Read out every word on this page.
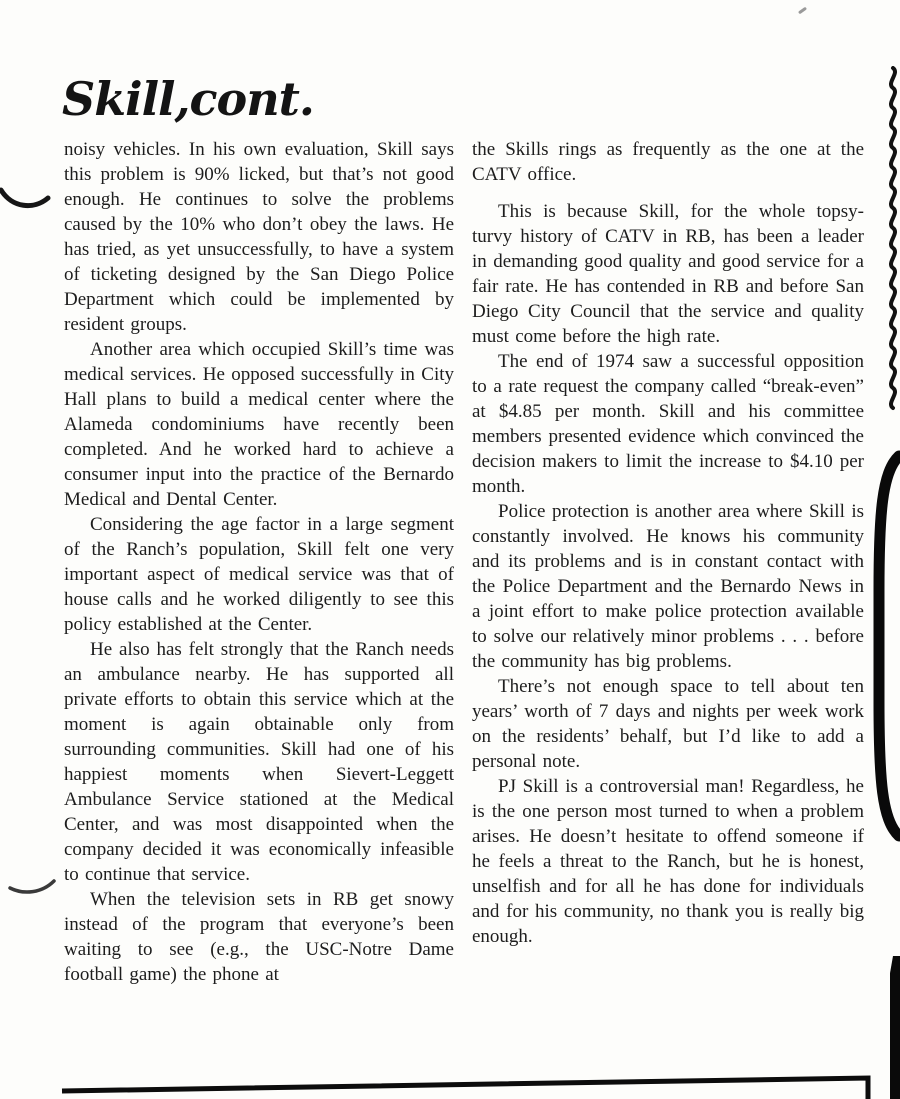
Skill,cont.

noisy vehicles. In his own evaluation, Skill says this problem is 90% licked, but that’s not good enough. He continues to solve the problems caused by the 10% who don’t obey the laws. He has tried, as yet unsuccessfully, to have a system of ticketing designed by the San Diego Police Department which could be implemented by resident groups.

Another area which occupied Skill’s time was medical services. He opposed successfully in City Hall plans to build a medical center where the Alameda condominiums have recently been completed. And he worked hard to achieve a consumer input into the practice of the Bernardo Medical and Dental Center.

Considering the age factor in a large segment of the Ranch’s population, Skill felt one very important aspect of medical service was that of house calls and he worked diligently to see this policy established at the Center.

He also has felt strongly that the Ranch needs an ambulance nearby. He has supported all private efforts to obtain this service which at the moment is again obtainable only from surrounding communities. Skill had one of his happiest moments when Sievert-Leggett Ambulance Service stationed at the Medical Center, and was most disappointed when the company decided it was economically infeasible to continue that service.

When the television sets in RB get snowy instead of the program that everyone’s been waiting to see (e.g., the USC-Notre Dame football game) the phone at

the Skills rings as frequently as the one at the CATV office.

This is because Skill, for the whole topsy-turvy history of CATV in RB, has been a leader in demanding good quality and good service for a fair rate. He has contended in RB and before San Diego City Council that the service and quality must come before the high rate.

The end of 1974 saw a successful opposition to a rate request the company called “break-even” at $4.85 per month. Skill and his committee members presented evidence which convinced the decision makers to limit the increase to $4.10 per month.

Police protection is another area where Skill is constantly involved. He knows his community and its problems and is in constant contact with the Police Department and the Bernardo News in a joint effort to make police protection available to solve our relatively minor problems . . . before the community has big problems.

There’s not enough space to tell about ten years’ worth of 7 days and nights per week work on the residents’ behalf, but I’d like to add a personal note.

PJ Skill is a controversial man! Regardless, he is the one person most turned to when a problem arises. He doesn’t hesitate to offend someone if he feels a threat to the Ranch, but he is honest, unselfish and for all he has done for individuals and for his community, no thank you is really big enough.
